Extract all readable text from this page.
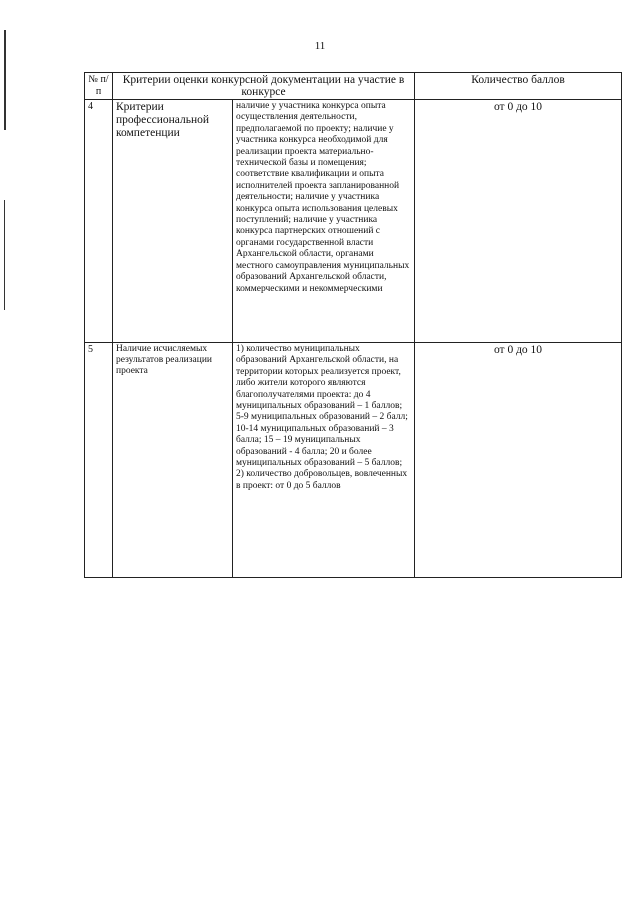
11
№ п/п	Критерии оценки конкурсной документации на участие в конкурсе		Количество баллов
4	Критерии профессиональной компетенции	наличие у участника конкурса опыта осуществления деятельности, предполагаемой по проекту; наличие у участника конкурса необходимой для реализации проекта материально-технической базы и помещения; соответствие квалификации и опыта исполнителей проекта запланированной деятельности; наличие у участника конкурса опыта использования целевых поступлений; наличие у участника конкурса партнерских отношений с органами государственной власти Архангельской области, органами местного самоуправления муниципальных образований Архангельской области, коммерческими и некоммерческими	от 0 до 10
5	Наличие исчисляемых результатов реализации проекта	1) количество муниципальных образований Архангельской области, на территории которых реализуется проект, либо жители которого являются благополучателями проекта: до 4 муниципальных образований – 1 баллов; 5-9 муниципальных образований – 2 балл; 10-14 муниципальных образований – 3 балла; 15 – 19 муниципальных образований - 4 балла; 20 и более муниципальных образований – 5 баллов; 2) количество добровольцев, вовлеченных в проект: от 0 до 5 баллов	от 0 до 10
